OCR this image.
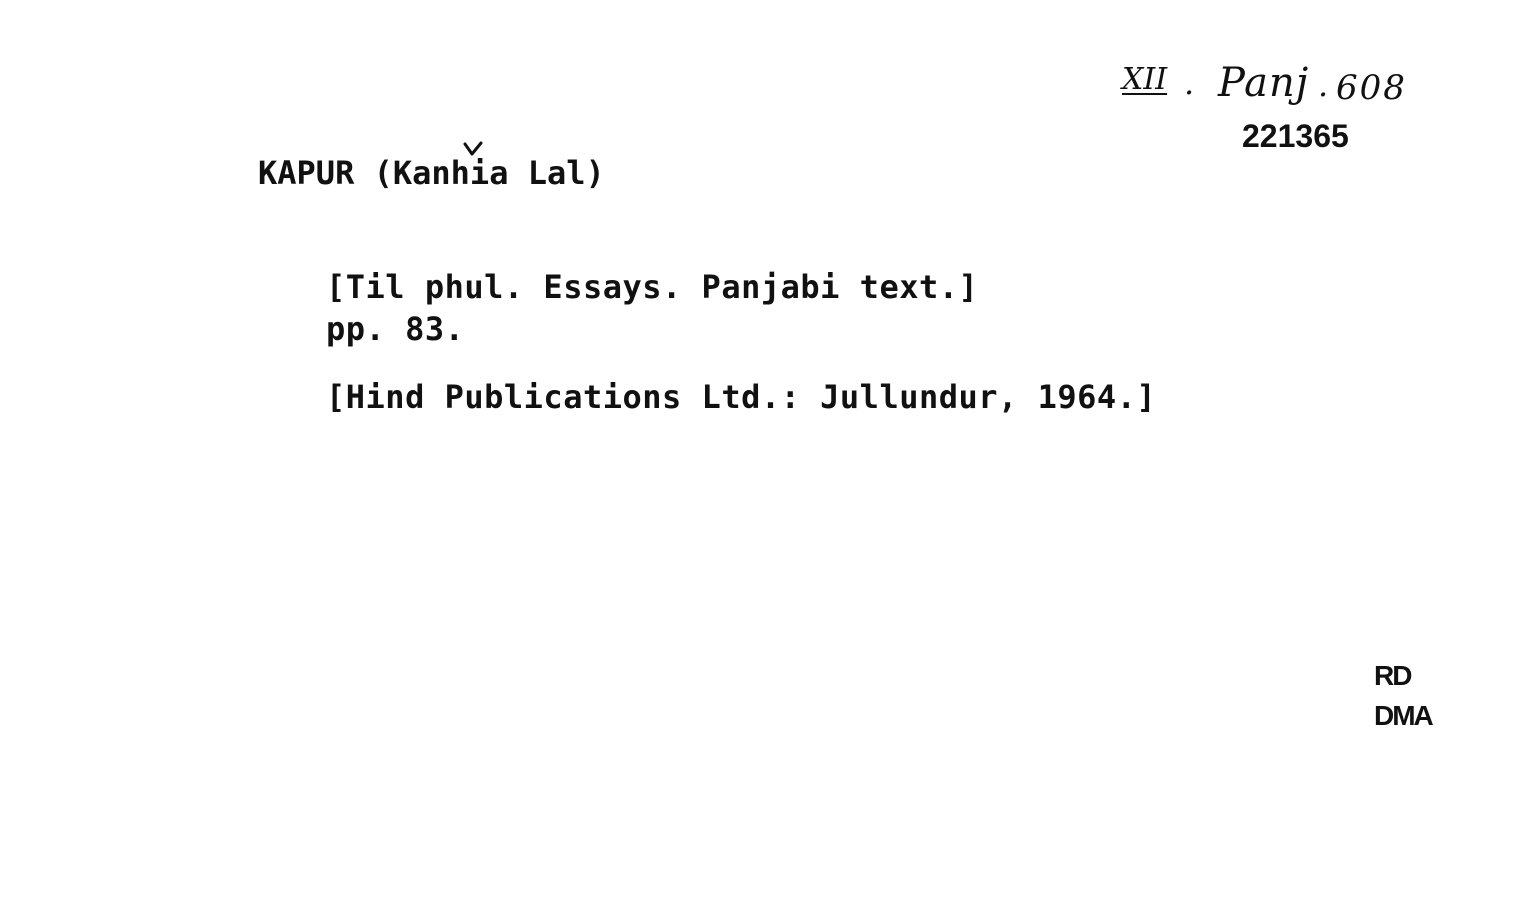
XII . Panj . 608
221365
KAPUR (Kanhia Lal)
[Til phul. Essays. Panjabi text.]
pp. 83.
[Hind Publications Ltd.: Jullundur, 1964.]
RD
DMA
